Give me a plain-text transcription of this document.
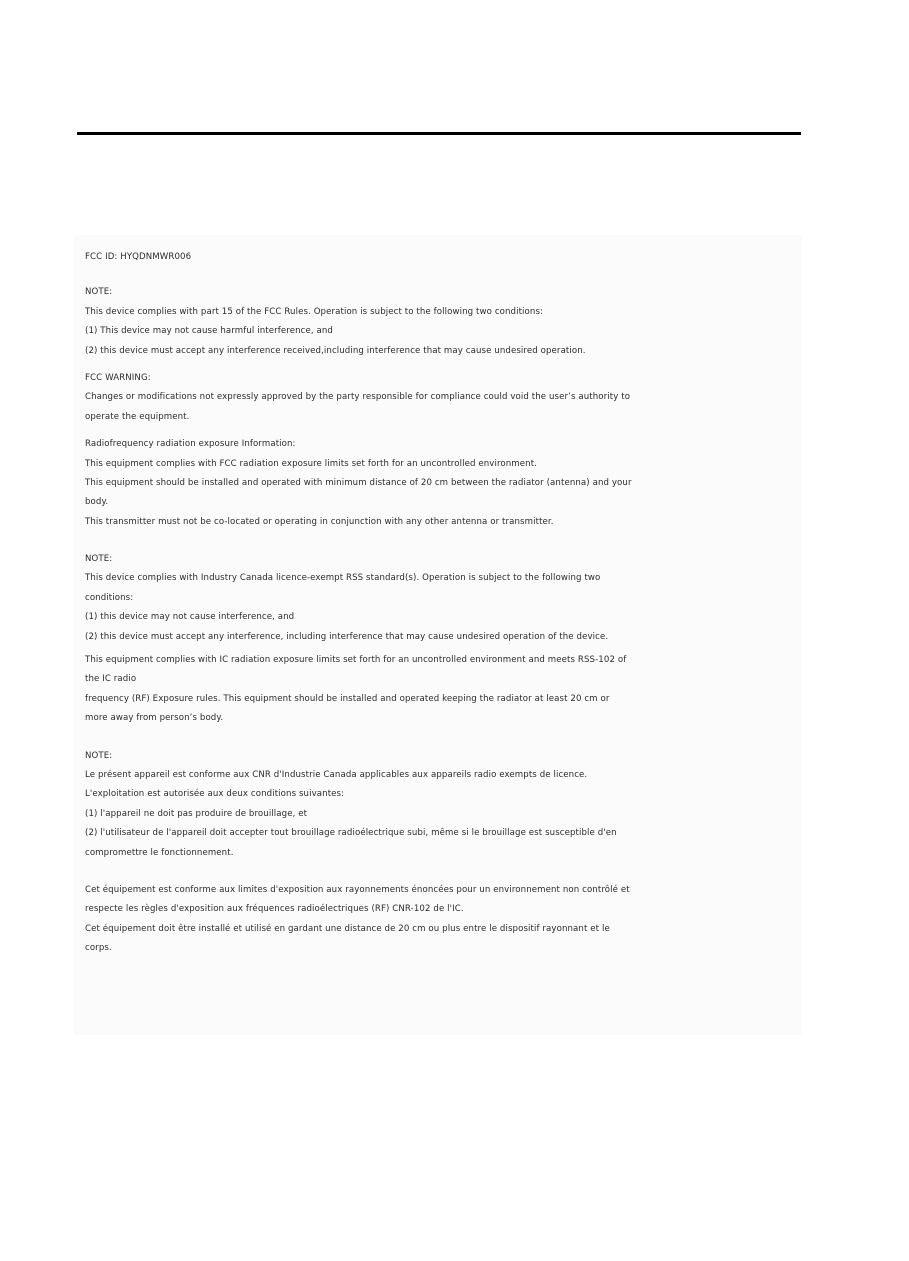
FCC ID: HYQDNMWR006

NOTE:

This device complies with part 15 of the FCC Rules. Operation is subject to the following two conditions:

(1) This device may not cause harmful interference, and

(2) this device must accept any interference received,including interference that may cause undesired operation.

FCC WARNING:

Changes or modifications not expressly approved by the party responsible for compliance could void the user’s authority to

operate the equipment.

Radiofrequency radiation exposure Information:

This equipment complies with FCC radiation exposure limits set forth for an uncontrolled environment.

This equipment should be installed and operated with minimum distance of 20 cm between the radiator (antenna) and your

body.

This transmitter must not be co-located or operating in conjunction with any other antenna or transmitter.

NOTE:

This device complies with Industry Canada licence-exempt RSS standard(s). Operation is subject to the following two

conditions:

(1) this device may not cause interference, and

(2) this device must accept any interference, including interference that may cause undesired operation of the device.

This equipment complies with IC radiation exposure limits set forth for an uncontrolled environment and meets RSS-102 of

the IC radio

frequency (RF) Exposure rules. This equipment should be installed and operated keeping the radiator at least 20 cm or

more away from person’s body.

NOTE:

Le présent appareil est conforme aux CNR d'Industrie Canada applicables aux appareils radio exempts de licence.

L'exploitation est autorisée aux deux conditions suivantes:

(1) l'appareil ne doit pas produire de brouillage, et

(2) l'utilisateur de l'appareil doit accepter tout brouillage radioélectrique subi, même si le brouillage est susceptible d'en

compromettre le fonctionnement.

Cet équipement est conforme aux limites d'exposition aux rayonnements énoncées pour un environnement non contrôlé et

respecte les règles d'exposition aux fréquences radioélectriques (RF) CNR-102 de l'IC.

Cet équipement doit être installé et utilisé en gardant une distance de 20 cm ou plus entre le dispositif rayonnant et le

corps.
